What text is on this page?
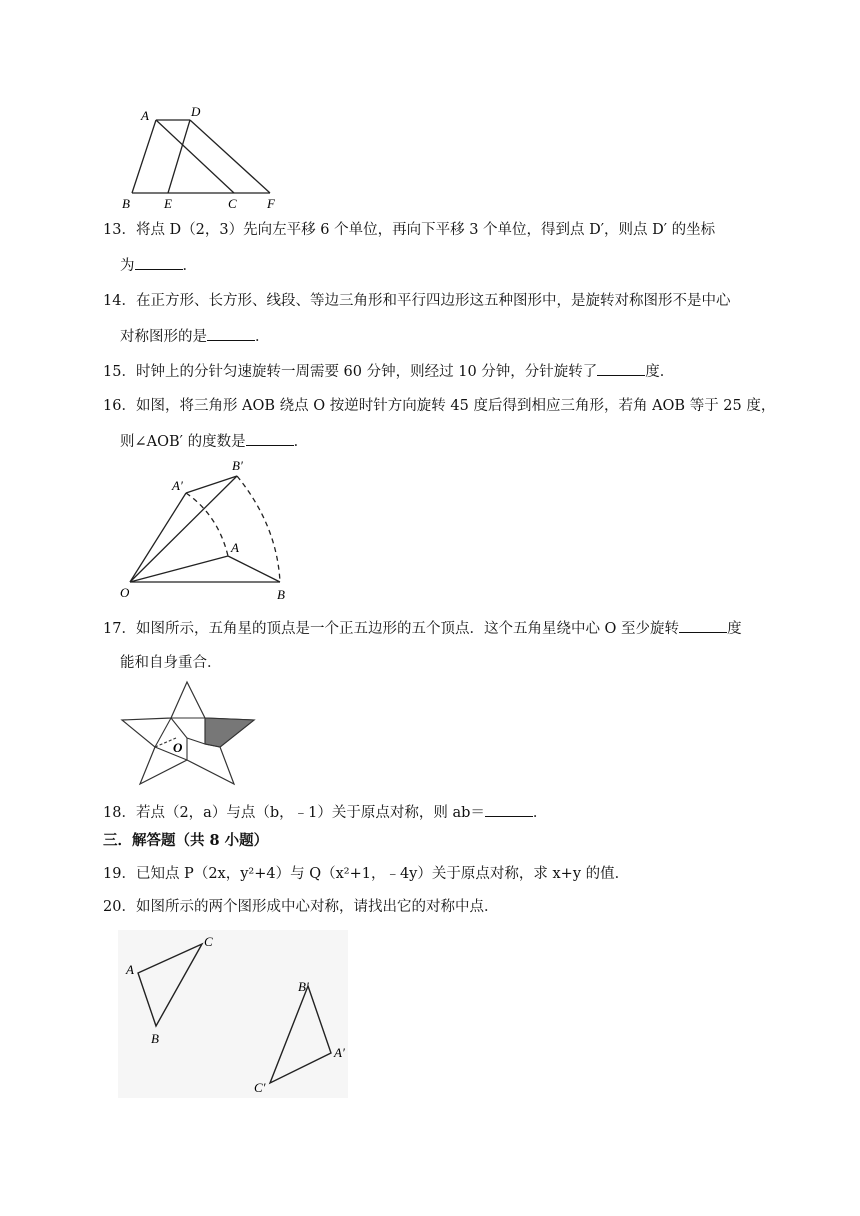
A	D
B	E	C F
13．将点 D（2，3）先向左平移 6 个单位，再向下平移 3 个单位，得到点 D′，则点 D′ 的坐标
为	．
14．在正方形、长方形、线段、等边三角形和平行四边形这五种图形中，是旋转对称图形不是中心
对称图形的是	．
15．时钟上的分针匀速旋转一周需要 60 分钟，则经过 10 分钟，分针旋转了	度．
16．如图，将三角形 AOB 绕点 O 按逆时针方向旋转 45 度后得到相应三角形，若角 AOB 等于 25 度，
则∠AOB′ 的度数是	．
A′
B′
A
O	B
17．如图所示，五角星的顶点是一个正五边形的五个顶点．这个五角星绕中心 O 至少旋转	度
能和自身重合．
O
18．若点（2，a）与点（b，﹣1）关于原点对称，则 ab＝	．
三．解答题（共 8 小题）
19．已知点 P（2x，y²+4）与 Q（x²+1，﹣4y）关于原点对称，求 x+y 的值．
20．如图所示的两个图形成中心对称，请找出它的对称中点．
A
C
B
B′
A′
C′
